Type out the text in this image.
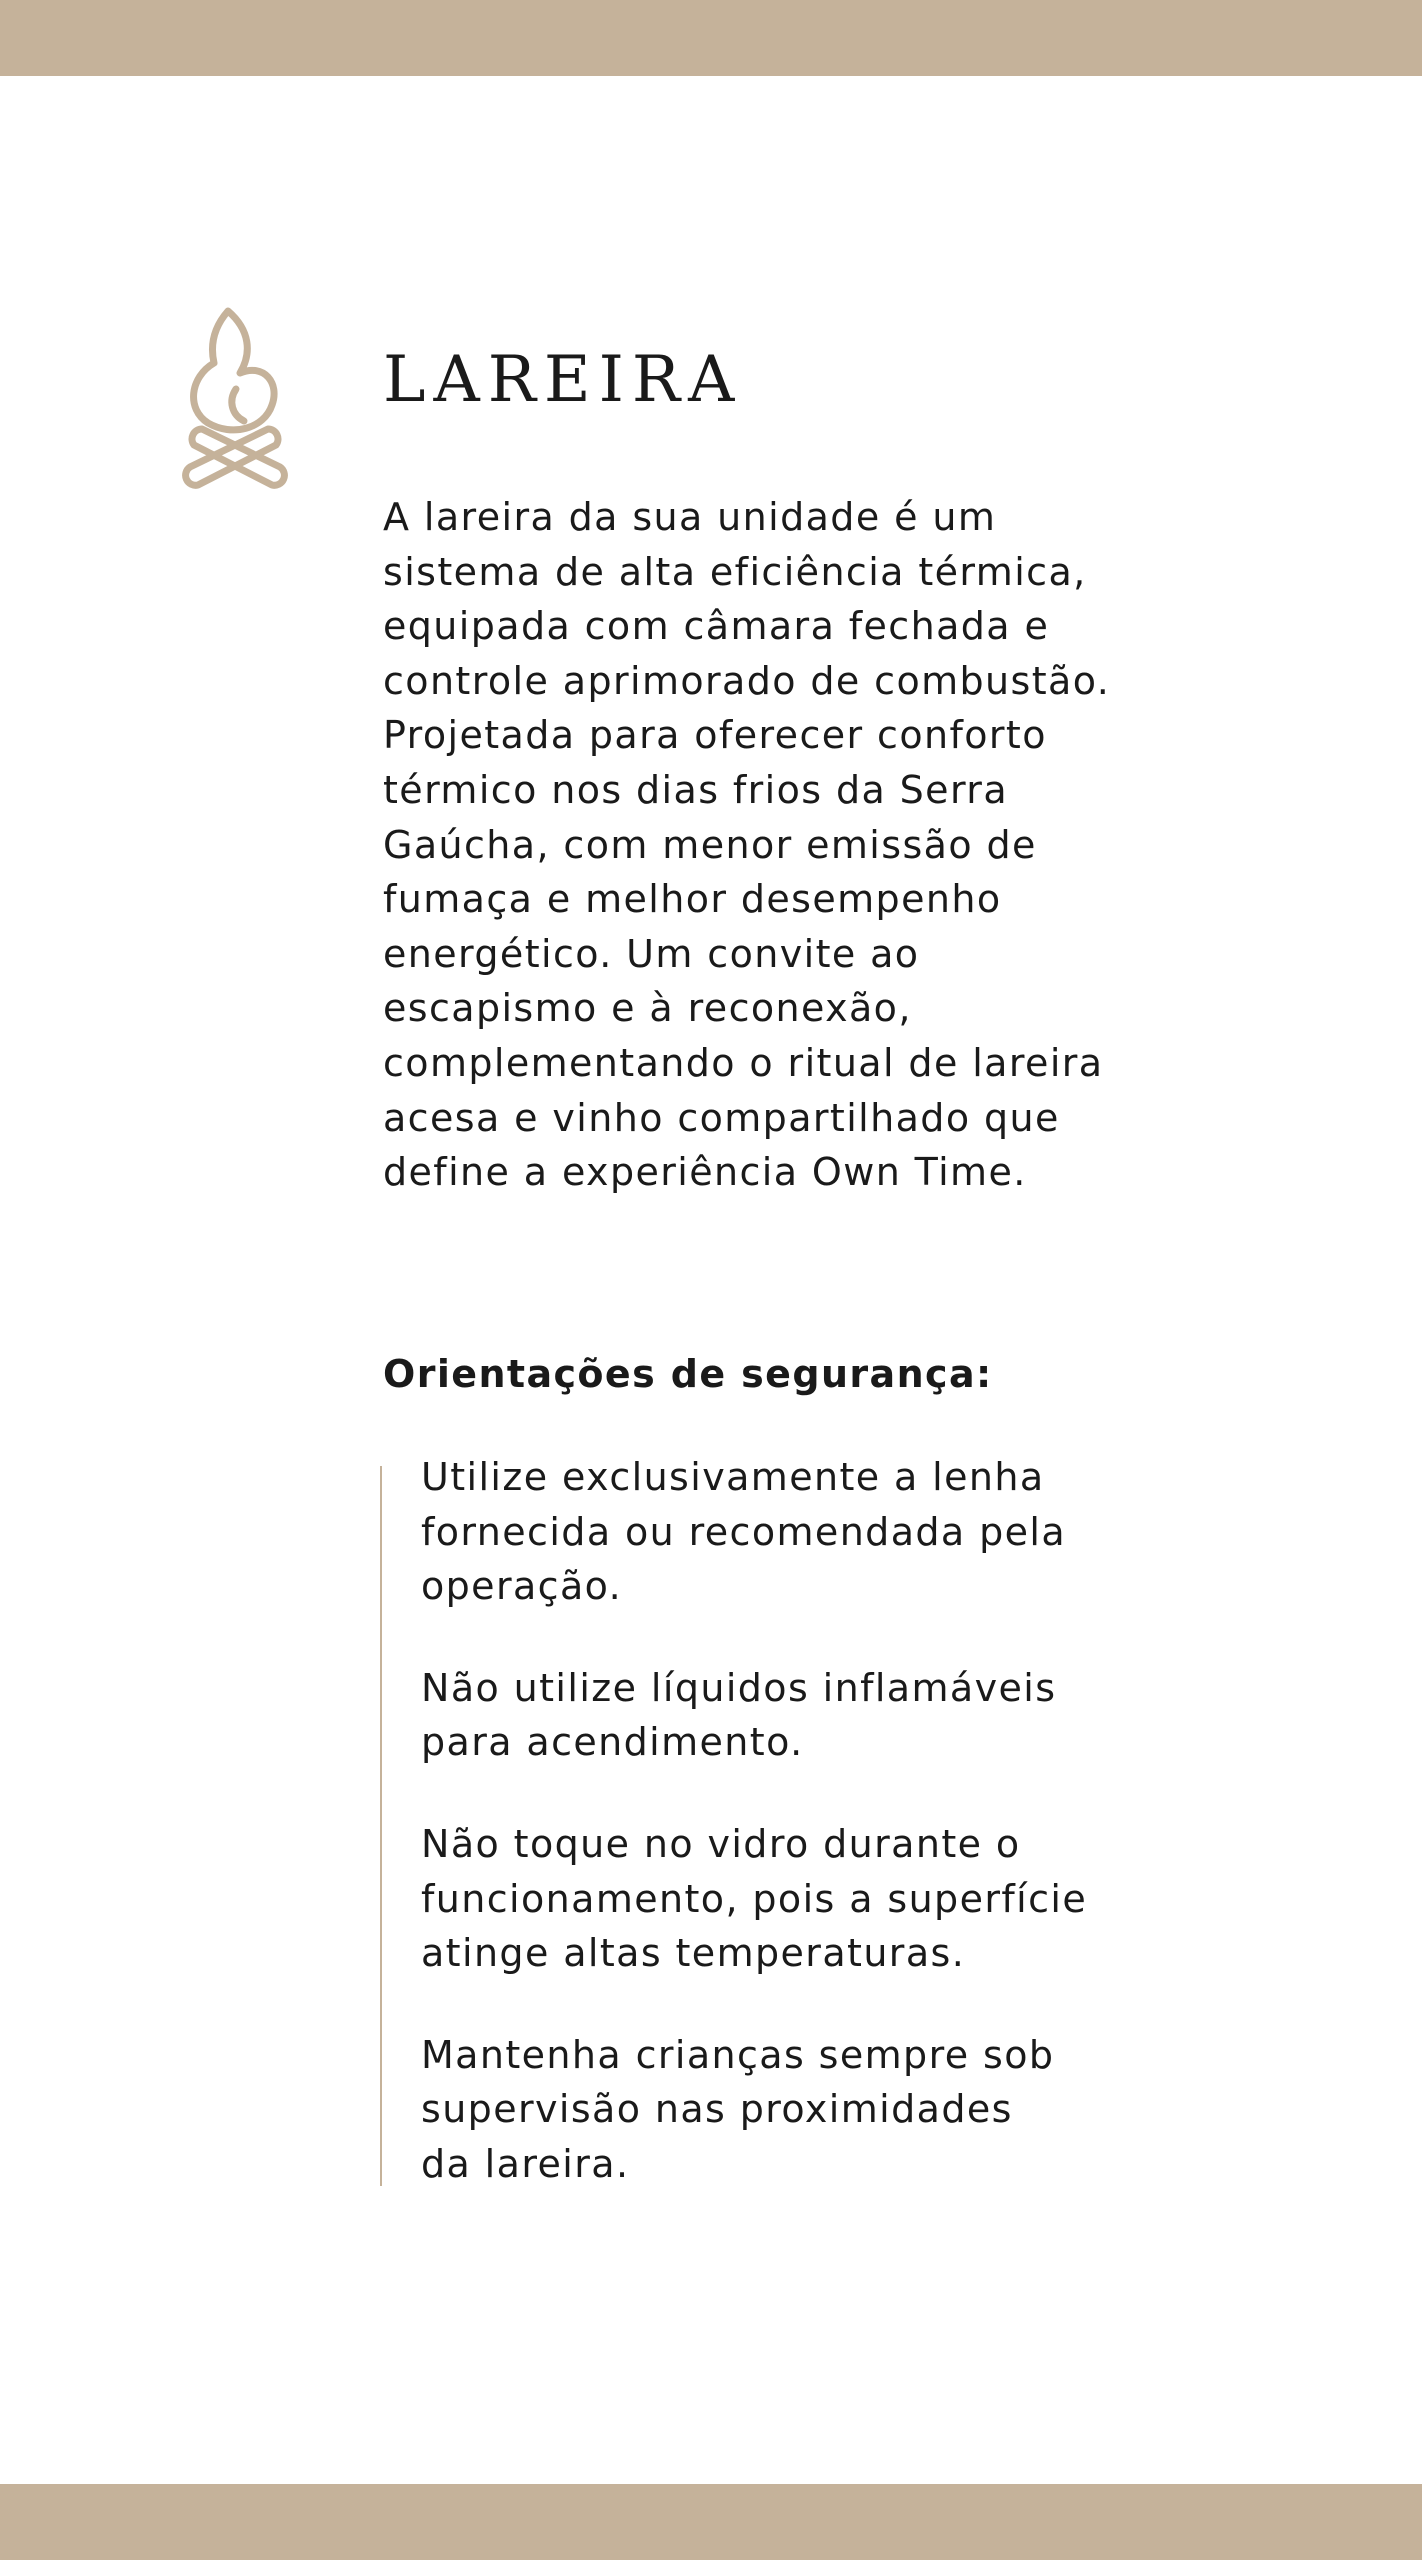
LAREIRA

A lareira da sua unidade é um
sistema de alta eficiência térmica,
equipada com câmara fechada e
controle aprimorado de combustão.
Projetada para oferecer conforto
térmico nos dias frios da Serra
Gaúcha, com menor emissão de
fumaça e melhor desempenho
energético. Um convite ao
escapismo e à reconexão,
complementando o ritual de lareira
acesa e vinho compartilhado que
define a experiência Own Time.

Orientações de segurança:
Utilize exclusivamente a lenha
fornecida ou recomendada pela
operação.
Não utilize líquidos inflamáveis
para acendimento.
Não toque no vidro durante o
funcionamento, pois a superfície
atinge altas temperaturas.
Mantenha crianças sempre sob
supervisão nas proximidades
da lareira.
